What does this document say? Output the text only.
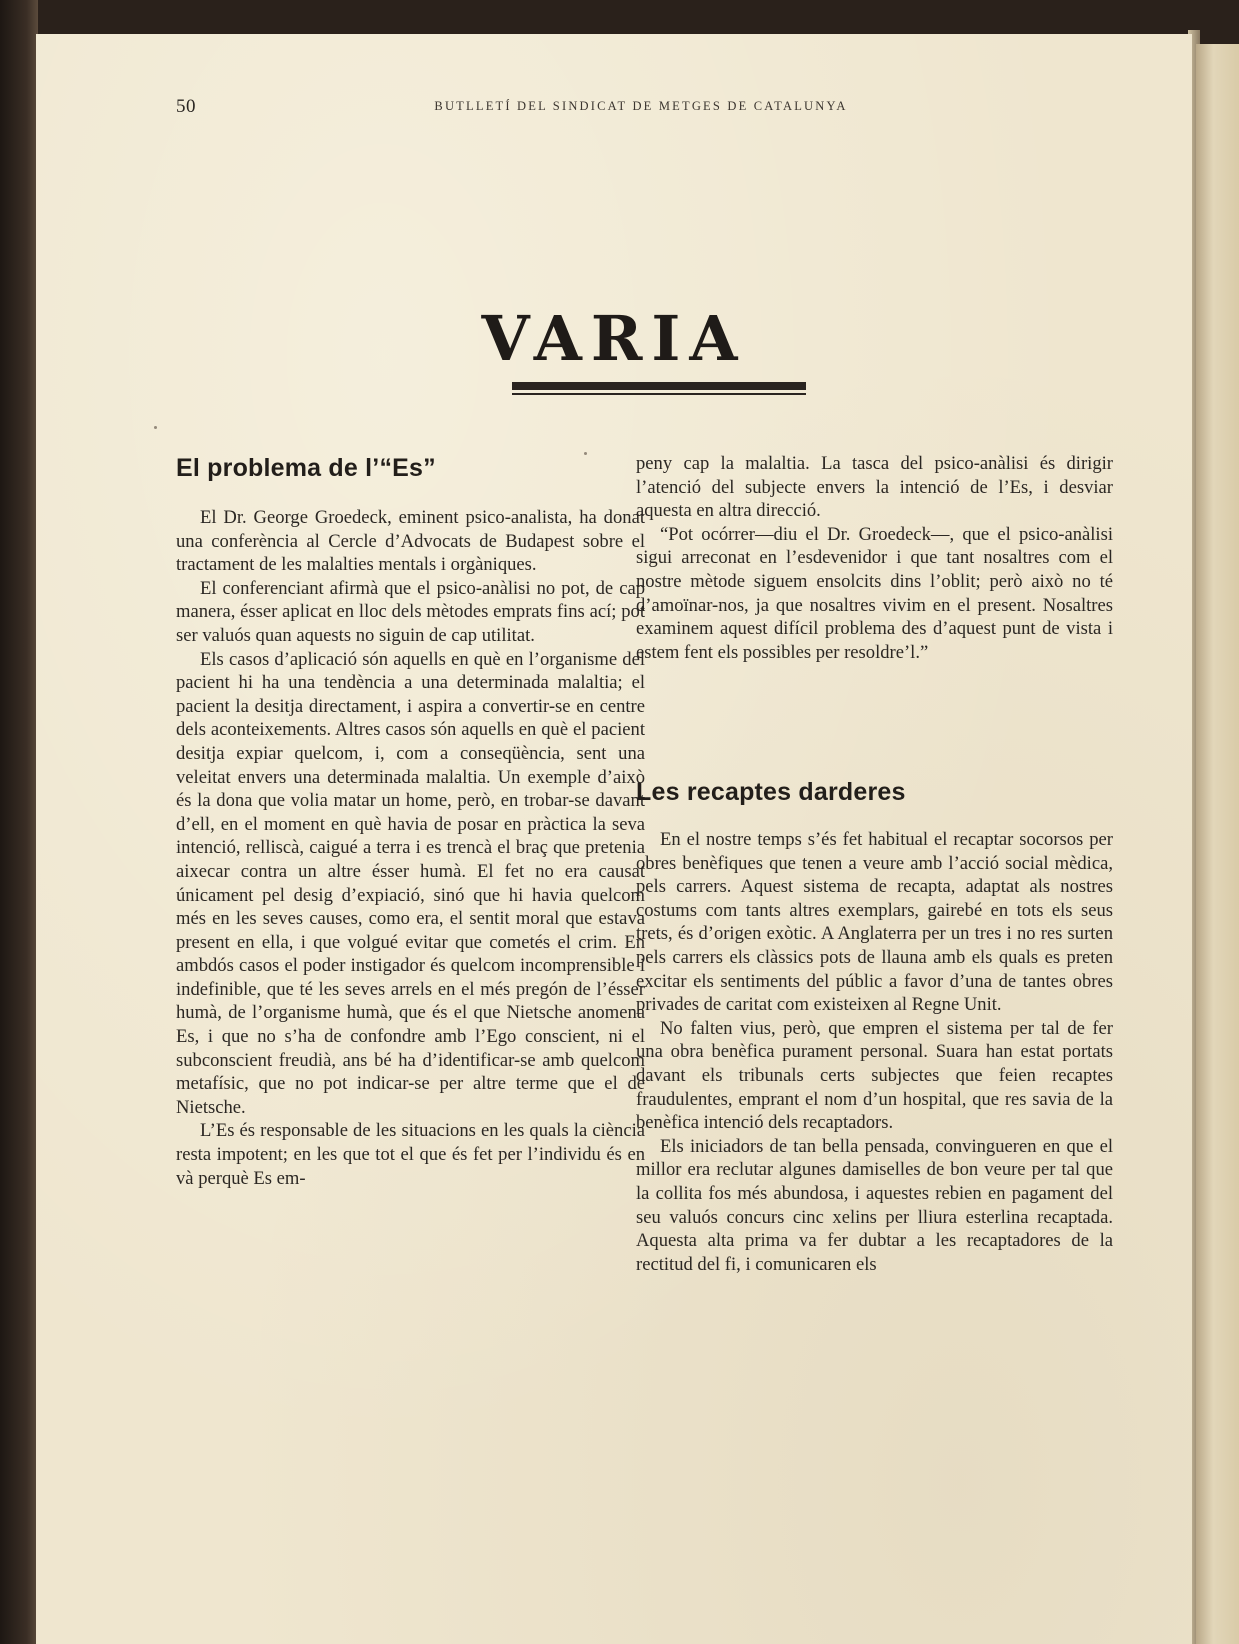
50	BUTLLETÍ DEL SINDICAT DE METGES DE CATALUNYA
VARIA
El problema de l’“Es”

El Dr. George Groedeck, eminent psico-analista, ha donat una conferència al Cercle d’Advocats de Budapest sobre el tractament de les malalties mentals i orgàniques.

El conferenciant afirmà que el psico-anàlisi no pot, de cap manera, ésser aplicat en lloc dels mètodes emprats fins ací; pot ser valuós quan aquests no siguin de cap utilitat.

Els casos d’aplicació són aquells en què en l’organisme del pacient hi ha una tendència a una determinada malaltia; el pacient la desitja directament, i aspira a convertir-se en centre dels aconteixements. Altres casos són aquells en què el pacient desitja expiar quelcom, i, com a conseqüència, sent una veleitat envers una determinada malaltia. Un exemple d’això és la dona que volia matar un home, però, en trobar-se davant d’ell, en el moment en què havia de posar en pràctica la seva intenció, relliscà, caigué a terra i es trencà el braç que pretenia aixecar contra un altre ésser humà. El fet no era causat únicament pel desig d’expiació, sinó que hi havia quelcom més en les seves causes, como era, el sentit moral que estava present en ella, i que volgué evitar que cometés el crim. En ambdós casos el poder instigador és quelcom incomprensible i indefinible, que té les seves arrels en el més pregón de l’ésser humà, de l’organisme humà, que és el que Nietsche anomena Es, i que no s’ha de confondre amb l’Ego conscient, ni el subconscient freudià, ans bé ha d’identificar-se amb quelcom metafísic, que no pot indicar-se per altre terme que el de Nietsche.

L’Es és responsable de les situacions en les quals la ciència resta impotent; en les que tot el que és fet per l’individu és en và perquè Es em-

peny cap la malaltia. La tasca del psico-anàlisi és dirigir l’atenció del subjecte envers la intenció de l’Es, i desviar aquesta en altra direcció.

“Pot ocórrer—diu el Dr. Groedeck—, que el psico-anàlisi sigui arreconat en l’esdevenidor i que tant nosaltres com el nostre mètode siguem ensolcits dins l’oblit; però això no té d’amoïnar-nos, ja que nosaltres vivim en el present. Nosaltres examinem aquest difícil problema des d’aquest punt de vista i estem fent els possibles per resoldre’l.”

Les recaptes darderes

En el nostre temps s’és fet habitual el recaptar socorsos per obres benèfiques que tenen a veure amb l’acció social mèdica, pels carrers. Aquest sistema de recapta, adaptat als nostres costums com tants altres exemplars, gairebé en tots els seus trets, és d’origen exòtic. A Anglaterra per un tres i no res surten pels carrers els clàssics pots de llauna amb els quals es preten excitar els sentiments del públic a favor d’una de tantes obres privades de caritat com existeixen al Regne Unit.

No falten vius, però, que empren el sistema per tal de fer una obra benèfica purament personal. Suara han estat portats davant els tribunals certs subjectes que feien recaptes fraudulentes, emprant el nom d’un hospital, que res savia de la benèfica intenció dels recaptadors.

Els iniciadors de tan bella pensada, convingueren en que el millor era reclutar algunes damiselles de bon veure per tal que la collita fos més abundosa, i aquestes rebien en pagament del seu valuós concurs cinc xelins per lliura esterlina recaptada. Aquesta alta prima va fer dubtar a les recaptadores de la rectitud del fi, i comunicaren els
